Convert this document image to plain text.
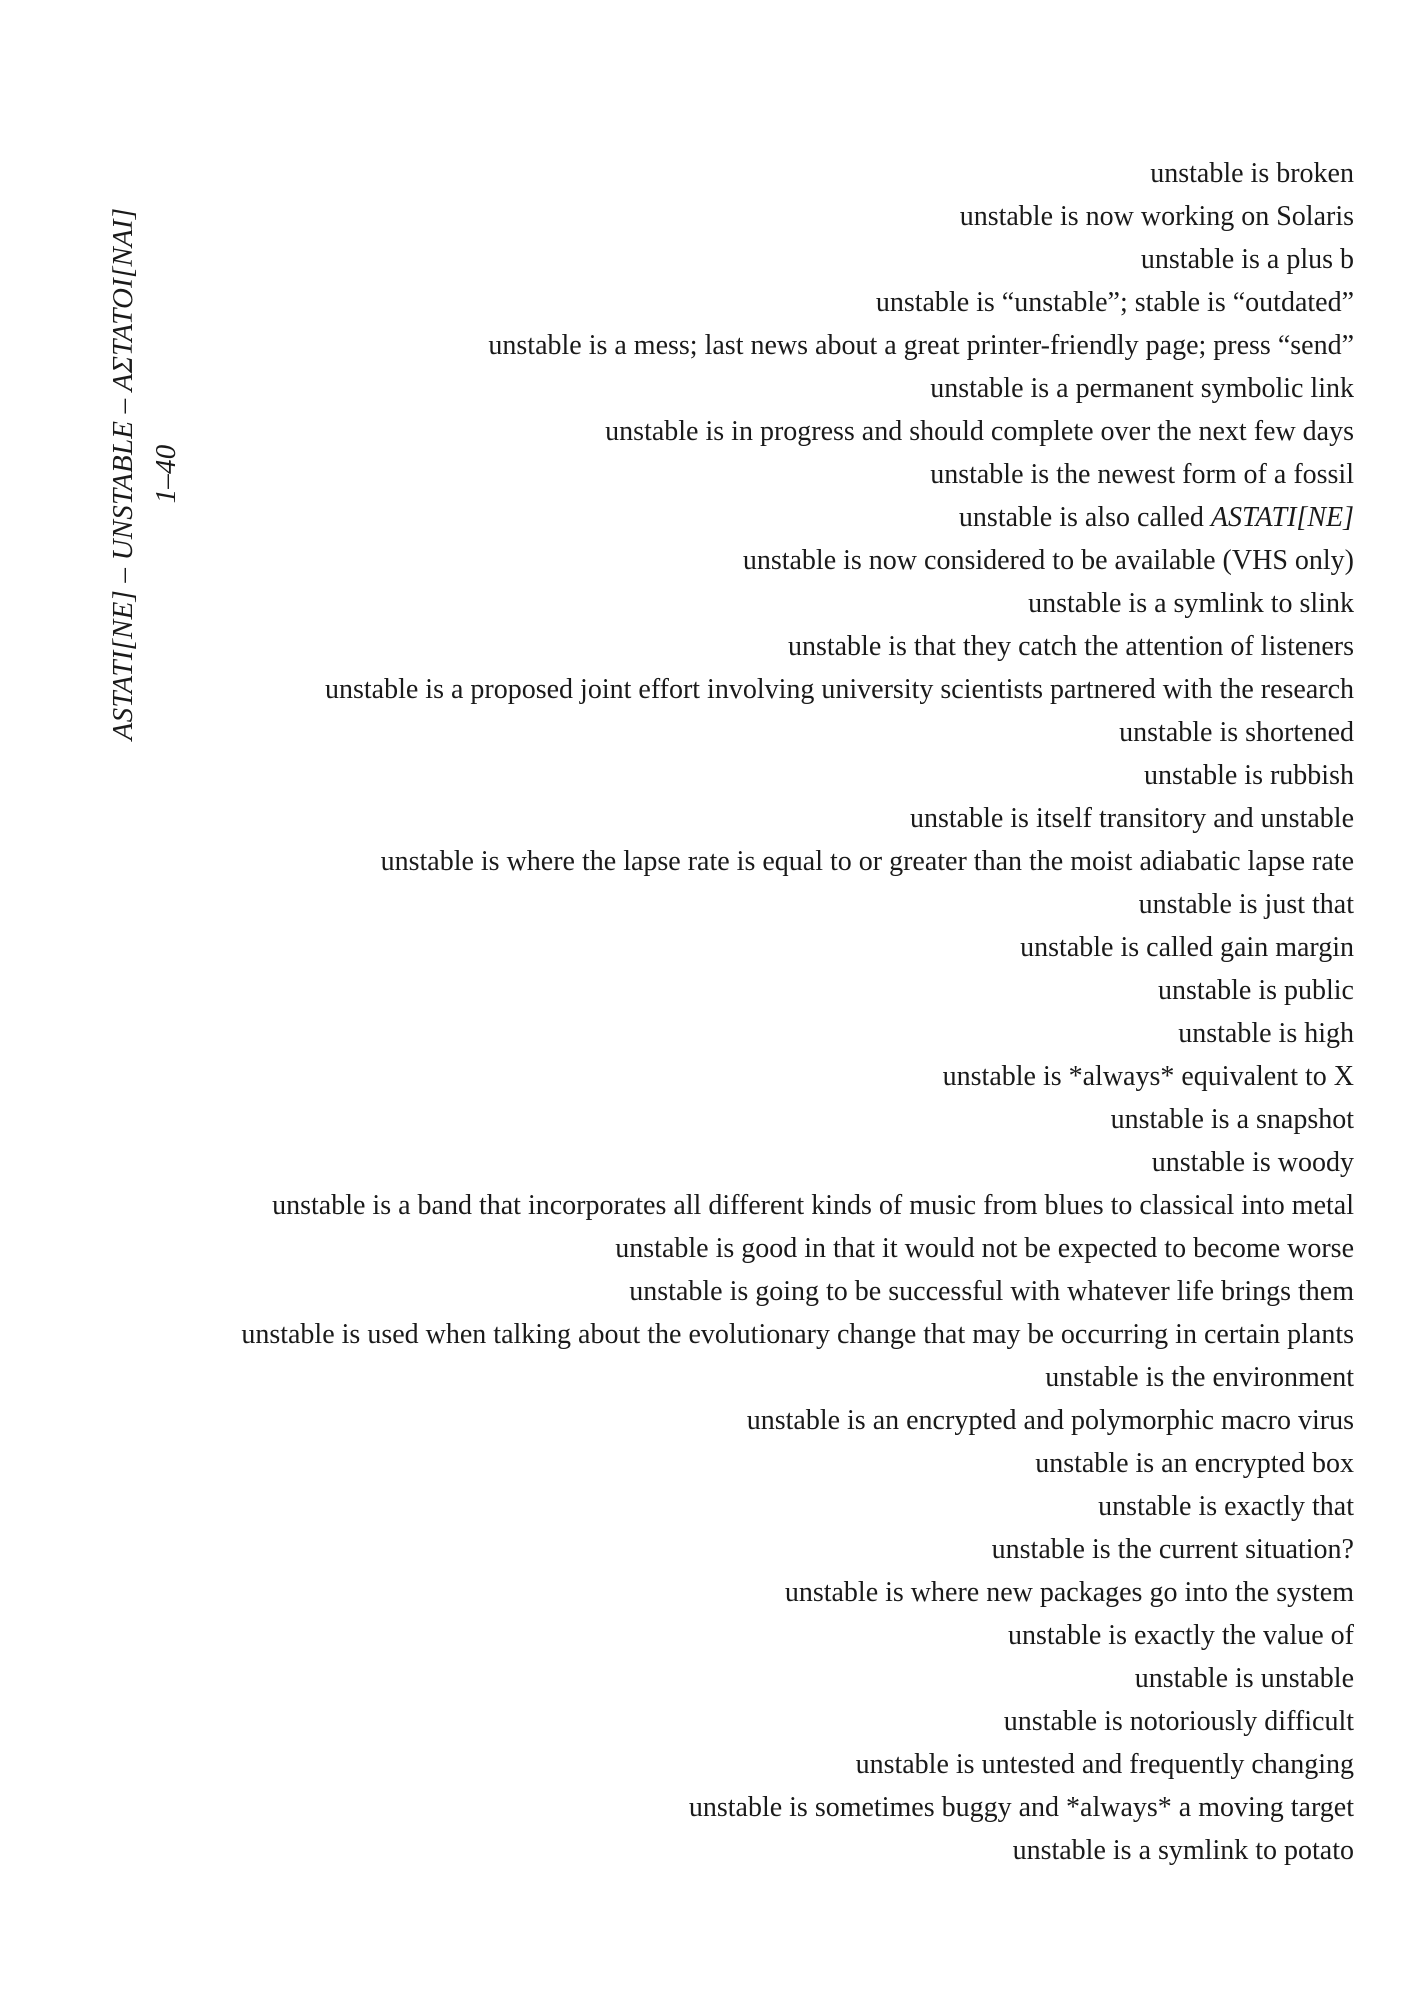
ASTATI[NE] – UNSTABLE – ΑΣΤΑΤΟΙ[ΝΑΙ] 1–40
unstable is broken
unstable is now working on Solaris
unstable is a plus b
unstable is “unstable”; stable is “outdated”
unstable is a mess; last news about a great printer-friendly page; press “send”
unstable is a permanent symbolic link
unstable is in progress and should complete over the next few days
unstable is the newest form of a fossil
unstable is also called ASTATI[NE]
unstable is now considered to be available (VHS only)
unstable is a symlink to slink
unstable is that they catch the attention of listeners
unstable is a proposed joint effort involving university scientists partnered with the research
unstable is shortened
unstable is rubbish
unstable is itself transitory and unstable
unstable is where the lapse rate is equal to or greater than the moist adiabatic lapse rate
unstable is just that
unstable is called gain margin
unstable is public
unstable is high
unstable is *always* equivalent to X
unstable is a snapshot
unstable is woody
unstable is a band that incorporates all different kinds of music from blues to classical into metal
unstable is good in that it would not be expected to become worse
unstable is going to be successful with whatever life brings them
unstable is used when talking about the evolutionary change that may be occurring in certain plants
unstable is the environment
unstable is an encrypted and polymorphic macro virus
unstable is an encrypted box
unstable is exactly that
unstable is the current situation?
unstable is where new packages go into the system
unstable is exactly the value of
unstable is unstable
unstable is notoriously difficult
unstable is untested and frequently changing
unstable is sometimes buggy and *always* a moving target
unstable is a symlink to potato
